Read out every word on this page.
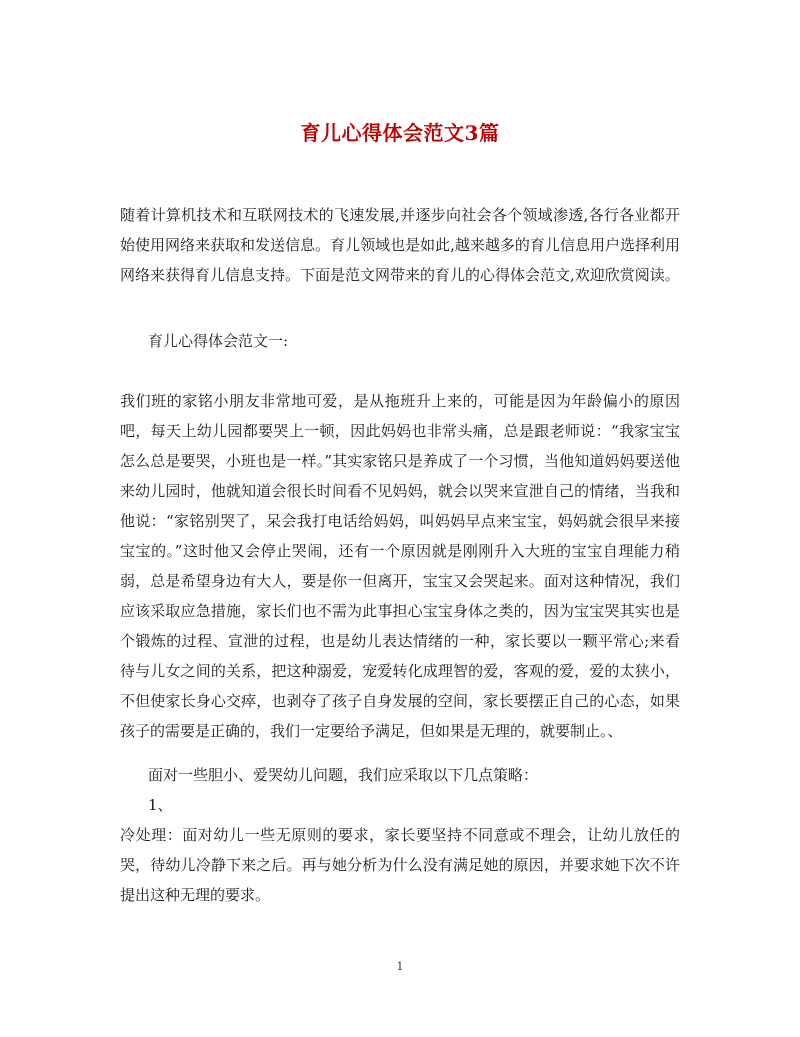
育儿心得体会范文3篇

随着计算机技术和互联网技术的飞速发展,并逐步向社会各个领域渗透,各行各业都开始使用网络来获取和发送信息。育儿领域也是如此,越来越多的育儿信息用户选择利用网络来获得育儿信息支持。下面是范文网带来的育儿的心得体会范文,欢迎欣赏阅读。

育儿心得体会范文一:

我们班的家铭小朋友非常地可爱，是从拖班升上来的，可能是因为年龄偏小的原因吧，每天上幼儿园都要哭上一顿，因此妈妈也非常头痛，总是跟老师说：“我家宝宝怎么总是要哭，小班也是一样。”其实家铭只是养成了一个习惯，当他知道妈妈要送他来幼儿园时，他就知道会很长时间看不见妈妈，就会以哭来宣泄自己的情绪，当我和他说：“家铭别哭了，呆会我打电话给妈妈，叫妈妈早点来宝宝，妈妈就会很早来接宝宝的。”这时他又会停止哭闹，还有一个原因就是刚刚升入大班的宝宝自理能力稍弱，总是希望身边有大人，要是你一但离开，宝宝又会哭起来。面对这种情况，我们应该采取应急措施，家长们也不需为此事担心宝宝身体之类的，因为宝宝哭其实也是个锻炼的过程、宣泄的过程，也是幼儿表达情绪的一种，家长要以一颗平常心;来看待与儿女之间的关系，把这种溺爱，宠爱转化成理智的爱，客观的爱，爱的太狭小，不但使家长身心交瘁，也剥夺了孩子自身发展的空间，家长要摆正自己的心态，如果孩子的需要是正确的，我们一定要给予满足，但如果是无理的，就要制止。、

面对一些胆小、爱哭幼儿问题，我们应采取以下几点策略：

1、

冷处理：面对幼儿一些无原则的要求，家长要坚持不同意或不理会，让幼儿放任的哭，待幼儿冷静下来之后。再与她分析为什么没有满足她的原因，并要求她下次不许提出这种无理的要求。

1
